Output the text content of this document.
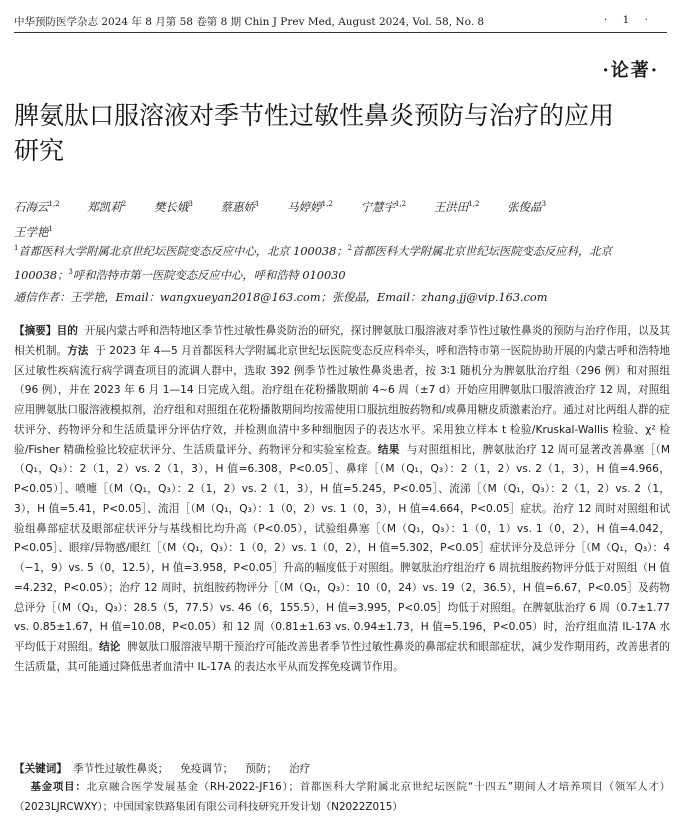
中华预防医学杂志 2024 年 8 月第 58 卷第 8 期 Chin J Prev Med, August 2024, Vol. 58, No. 8	· 1 ·
·论著·
脾氨肽口服溶液对季节性过敏性鼻炎预防与治疗的应用研究
石海云$^{1,2}$ 郑凯莉$^2$ 樊长娥$^3$ 蔡惠娇$^1$ 马婷婷$^{1,2}$ 宁慧宇$^{1,2}$ 王洪田$^{1,2}$ 张俊晶$^3$
王学艳$^1$
$^1$首都医科大学附属北京世纪坛医院变态反应中心，北京 100038；$^2$首都医科大学附属北京世纪坛医院变态反应科，北京 100038；$^3$呼和浩特市第一医院变态反应中心，呼和浩特 010030
通信作者：王学艳，Email：wangxueyan2018@163.com；张俊晶，Email：zhang.jj@vip.163.com
【摘要】目的 开展内蒙古呼和浩特地区季节性过敏性鼻炎防治的研究，探讨脾氨肽口服溶液对季节性过敏性鼻炎的预防与治疗作用，以及其相关机制。方法 于 2023 年 4—5 月首都医科大学附属北京世纪坛医院变态反应科牵头，呼和浩特市第一医院协助开展的内蒙古呼和浩特地区过敏性疾病流行病学调查项目的流调人群中，选取 392 例季节性过敏性鼻炎患者，按 3∶1 随机分为脾氨肽治疗组（296 例）和对照组（96 例），并在 2023 年 6 月 1—14 日完成入组。治疗组在花粉播散期前 4~6 周（±7 d）开始应用脾氨肽口服溶液治疗 12 周，对照组应用脾氨肽口服溶液模拟剂，治疗组和对照组在花粉播散期间均按需使用口服抗组胺药物和/或鼻用糖皮质激素治疗。通过对比两组人群的症状评分、药物评分和生活质量评分评估疗效，并检测血清中多种细胞因子的表达水平。采用独立样本 t 检验/Kruskal-Wallis 检验、χ² 检验/Fisher 精确检验比较症状评分、生活质量评分、药物评分和实验室检查。结果 与对照组相比，脾氨肽治疗 12 周可显著改善鼻塞［（M（Q₁，Q₃）：2（1，2）vs. 2（1，3），H 值=6.308，P<0.05］、鼻痒［（M（Q₁，Q₃）：2（1，2）vs. 2（1，3），H 值=4.966，P<0.05）］、喷嚏［（M（Q₁，Q₃）：2（1，2）vs. 2（1，3），H 值=5.245，P<0.05］、流涕［（M（Q₁，Q₃）：2（1，2）vs. 2（1，3），H 值=5.41，P<0.05］、流泪［（M（Q₁，Q₃）：1（0，2）vs. 1（0，3），H 值=4.664，P<0.05］症状。治疗 12 周时对照组和试验组鼻部症状及眼部症状评分与基线相比均升高（P<0.05），试验组鼻塞［（M（Q₁，Q₃）：1（0，1）vs. 1（0，2），H 值=4.042，P<0.05］、眼痒/异物感/眼红［（M（Q₁，Q₃）：1（0，2）vs. 1（0，2），H 值=5.302，P<0.05］症状评分及总评分［（M（Q₁，Q₃）：4（−1，9）vs. 5（0，12.5），H 值=3.958，P<0.05］升高的幅度低于对照组。脾氨肽治疗组治疗 6 周抗组胺药物评分低于对照组（H 值=4.232，P<0.05）；治疗 12 周时，抗组胺药物评分［（M（Q₁，Q₃）：10（0，24）vs. 19（2，36.5），H 值=6.67，P<0.05］及药物总评分［（M（Q₁，Q₃）：28.5（5，77.5）vs. 46（6，155.5），H 值=3.995，P<0.05］均低于对照组。在脾氨肽治疗 6 周（0.7±1.77 vs. 0.85±1.67，H 值=10.08，P<0.05）和 12 周（0.81±1.63 vs. 0.94±1.73，H 值=5.196，P<0.05）时，治疗组血清 IL-17A 水平均低于对照组。结论 脾氨肽口服溶液早期干预治疗可能改善患者季节性过敏性鼻炎的鼻部症状和眼部症状，减少发作期用药，改善患者的生活质量，其可能通过降低患者血清中 IL-17A 的表达水平从而发挥免疫调节作用。
【关键词】 季节性过敏性鼻炎； 免疫调节； 预防； 治疗
基金项目：北京融合医学发展基金（RH-2022-JF16）；首都医科大学附属北京世纪坛医院“十四五”期间人才培养项目（领军人才）（2023LJRCWXY）；中国国家铁路集团有限公司科技研究开发计划（N2022Z015）
